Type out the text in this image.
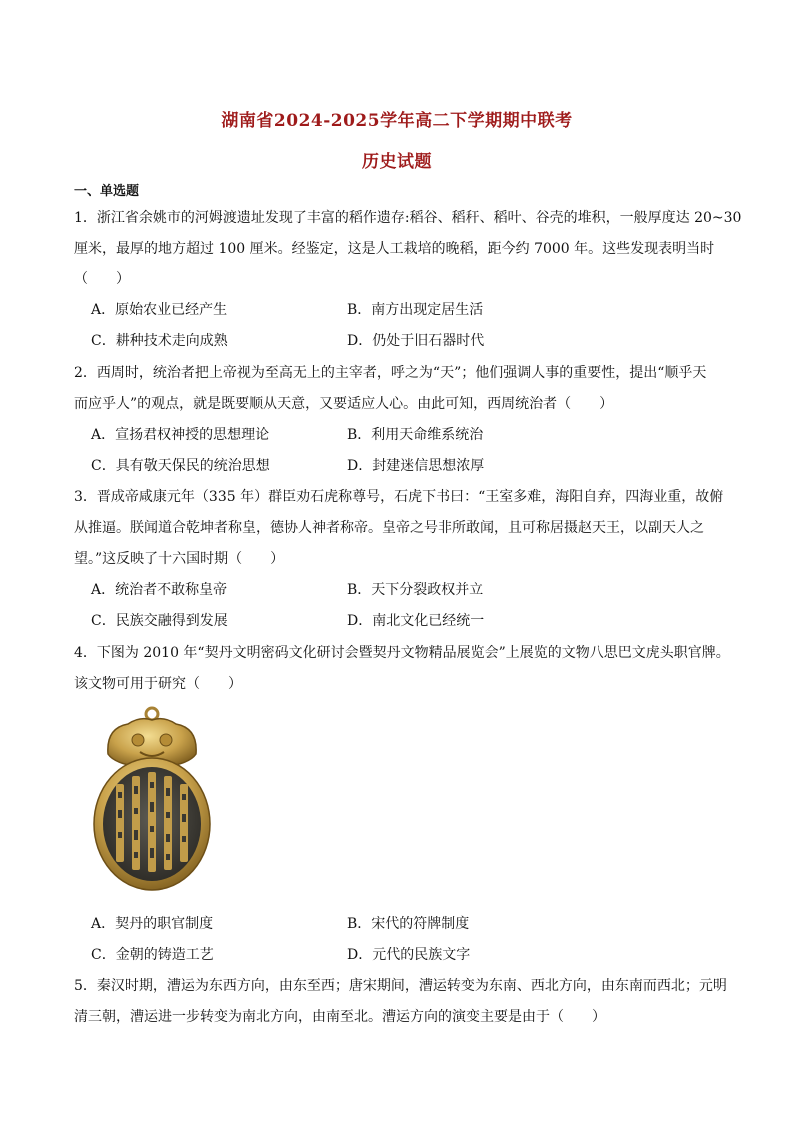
湖南省2024-2025学年高二下学期期中联考
历史试题
一、单选题
1．浙江省余姚市的河姆渡遗址发现了丰富的稻作遗存:稻谷、稻秆、稻叶、谷壳的堆积，一般厚度达 20~30
厘米，最厚的地方超过 100 厘米。经鉴定，这是人工栽培的晚稻，距今约 7000 年。这些发现表明当时
（　　）
A．原始农业已经产生	B．南方出现定居生活
C．耕种技术走向成熟	D．仍处于旧石器时代
2．西周时，统治者把上帝视为至高无上的主宰者，呼之为“天”；他们强调人事的重要性，提出“顺乎天
而应乎人”的观点，就是既要顺从天意，又要适应人心。由此可知，西周统治者（　　）
A．宣扬君权神授的思想理论	B．利用天命维系统治
C．具有敬天保民的统治思想	D．封建迷信思想浓厚
3．晋成帝咸康元年（335 年）群臣劝石虎称尊号，石虎下书曰：“王室多难，海阳自弃，四海业重，故俯
从推逼。朕闻道合乾坤者称皇，德协人神者称帝。皇帝之号非所敢闻，且可称居摄赵天王，以副天人之
望。”这反映了十六国时期（　　）
A．统治者不敢称皇帝	B．天下分裂政权并立
C．民族交融得到发展	D．南北文化已经统一
4．下图为 2010 年“契丹文明密码文化研讨会暨契丹文物精品展览会”上展览的文物八思巴文虎头职官牌。
该文物可用于研究（　　）
A．契丹的职官制度	B．宋代的符牌制度
C．金朝的铸造工艺	D．元代的民族文字
5．秦汉时期，漕运为东西方向，由东至西；唐宋期间，漕运转变为东南、西北方向，由东南而西北；元明
清三朝，漕运进一步转变为南北方向，由南至北。漕运方向的演变主要是由于（　　）
